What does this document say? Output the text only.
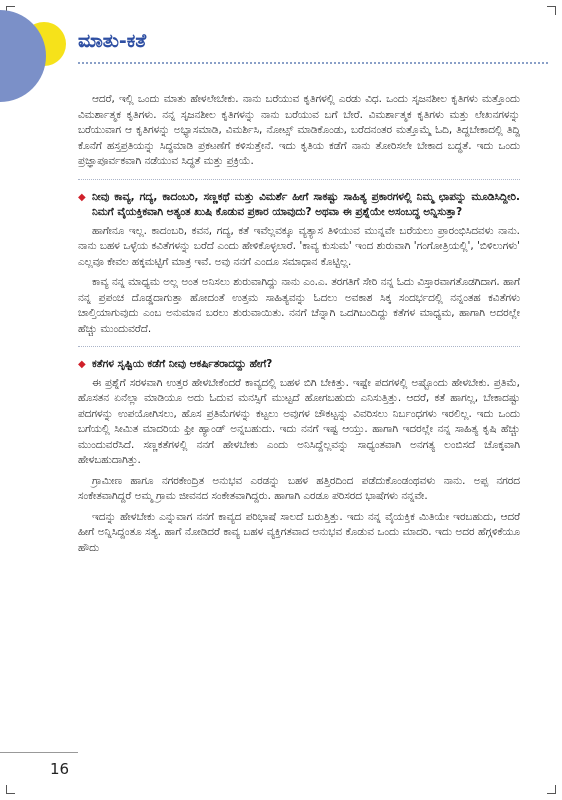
ಮಾತು-ಕತೆ

ಆದರೆ, ಇಲ್ಲಿ ಒಂದು ಮಾತು ಹೇಳಲೇಬೇಕು. ನಾನು ಬರೆಯುವ ಕೃತಿಗಳಲ್ಲಿ ಎರಡು ವಿಧ. ಒಂದು ಸೃಜನಶೀಲ ಕೃತಿಗಳು ಮತ್ತೊಂದು ವಿಮರ್ಶಾತ್ಮಕ ಕೃತಿಗಳು. ನನ್ನ ಸೃಜನಶೀಲ ಕೃತಿಗಳನ್ನು ನಾನು ಬರೆಯುವ ಬಗೆ ಬೇರೆ. ವಿಮರ್ಶಾತ್ಮಕ ಕೃತಿಗಳು ಮತ್ತು ಲೇಖನಗಳನ್ನು ಬರೆಯುವಾಗ ಆ ಕೃತಿಗಳನ್ನು ಅಭ್ಯಾಸಮಾಡಿ, ವಿಮರ್ಶಿಸಿ, ನೋಟ್ಸ್ ಮಾಡಿಕೊಂಡು, ಬರೆದನಂತರ ಮತ್ತೊಮ್ಮೆ ಓದಿ, ತಿದ್ದಬೇಕಾದಲ್ಲಿ ತಿದ್ದಿ ಕೊನೆಗೆ ಹಸ್ತಪ್ರತಿಯನ್ನು ಸಿದ್ಧಮಾಡಿ ಪ್ರಕಟಣೆಗೆ ಕಳಿಸುತ್ತೇನೆ. ಇದು ಕೃತಿಯ ಕಡೆಗೆ ನಾನು ತೋರಿಸಲೇ ಬೇಕಾದ ಬದ್ಧತೆ. ಇದು ಒಂದು ಪ್ರಜ್ಞಾಪೂರ್ವಕವಾಗಿ ನಡೆಯುವ ಸಿದ್ಧತೆ ಮತ್ತು ಪ್ರಕ್ರಿಯೆ.

◆ ನೀವು ಕಾವ್ಯ, ಗದ್ಯ, ಕಾದಂಬರಿ, ಸಣ್ಣಕಥೆ ಮತ್ತು ವಿಮರ್ಶೆ ಹೀಗೆ ಸಾಕಷ್ಟು ಸಾಹಿತ್ಯ ಪ್ರಕಾರಗಳಲ್ಲಿ ನಿಮ್ಮ ಛಾಪನ್ನು ಮೂಡಿಸಿದ್ದೀರಿ. ನಿಮಗೆ ವೈಯಕ್ತಿಕವಾಗಿ ಅತ್ಯಂತ ಖುಷಿ ಕೊಡುವ ಪ್ರಕಾರ ಯಾವುದು? ಅಥವಾ ಈ ಪ್ರಶ್ನೆಯೇ ಅಸಂಬದ್ಧ ಅನ್ನಿಸುತ್ತಾ?

ಹಾಗೇನೂ ಇಲ್ಲ. ಕಾದಂಬರಿ, ಕವನ, ಗದ್ಯ, ಕತೆ ಇವೆಲ್ಲವಕ್ಕೂ ವ್ಯತ್ಯಾಸ ತಿಳಿಯುವ ಮುನ್ನವೇ ಬರೆಯಲು ಪ್ರಾರಂಭಿಸಿದವಳು ನಾನು. ನಾನು ಬಹಳ ಒಳ್ಳೆಯ ಕವಿತೆಗಳನ್ನು ಬರೆದೆ ಎಂದು ಹೇಳಿಕೊಳ್ಳಲಾರೆ. 'ಕಾವ್ಯ ಕುಸುಮ' ಇಂದ ಶುರುವಾಗಿ 'ಗಂಗೋತ್ರಿಯಲ್ಲಿ', 'ಬಿಳಿಲುಗಳು' ಎಲ್ಲವೂ ಕೇವಲ ಹಕ್ಕಮಟ್ಟಿಗೆ ಮಾತ್ರ ಇವೆ. ಅವು ನನಗೆ ಎಂದೂ ಸಮಾಧಾನ ಕೊಟ್ಟಿಲ್ಲ.

ಕಾವ್ಯ ನನ್ನ ಮಾಧ್ಯಮ ಅಲ್ಲ ಅಂತ ಅನಿಸಲು ಶುರುವಾಗಿದ್ದು ನಾನು ಎಂ.ಎ. ತರಗತಿಗೆ ಸೇರಿ ನನ್ನ ಓದು ವಿಸ್ತಾರವಾಗತೊಡಗಿದಾಗ. ಹಾಗೆ ನನ್ನ ಪ್ರಪಂಚ ದೊಡ್ಡದಾಗುತ್ತಾ ಹೋದಂತೆ ಉತ್ತಮ ಸಾಹಿತ್ಯವನ್ನು ಓದಲು ಅವಕಾಶ ಸಿಕ್ಕ ಸಂದರ್ಭದಲ್ಲಿ ನನ್ನಂತಹ ಕವಿತೆಗಳು ಚಾಲ್ತಿಯಾಗುವುದು ಎಂಬ ಅನುಮಾನ ಬರಲು ಶುರುವಾಯಿತು. ನನಗೆ ಚೆನ್ನಾಗಿ ಒದಗಿಬಂದಿದ್ದು ಕತೆಗಳ ಮಾಧ್ಯಮ, ಹಾಗಾಗಿ ಅದರಲ್ಲೇ ಹೆಚ್ಚು ಮುಂದುವರೆದೆ.

◆ ಕತೆಗಳ ಸೃಷ್ಟಿಯ ಕಡೆಗೆ ನೀವು ಆಕರ್ಷಿತರಾದದ್ದು ಹೇಗೆ?

ಈ ಪ್ರಶ್ನೆಗೆ ಸರಳವಾಗಿ ಉತ್ತರ ಹೇಳಬೇಕೆಂದರೆ ಕಾವ್ಯದಲ್ಲಿ ಬಹಳ ಬಿಗಿ ಬೇಕಿತ್ತು. ಇಷ್ಟೇ ಪದಗಳಲ್ಲಿ ಅಷ್ಟೊಂದು ಹೇಳಬೇಕು. ಪ್ರತಿಮೆ, ಹೊಸತನ ಏನೆಲ್ಲಾ ಮಾಡಿಯೂ ಅದು ಓದುವ ಮನಸ್ಸಿಗೆ ಮುಟ್ಟದೆ ಹೋಗಬಹುದು ಎನಿಸುತ್ತಿತ್ತು. ಆದರೆ, ಕತೆ ಹಾಗಲ್ಲ, ಬೇಕಾದಷ್ಟು ಪದಗಳನ್ನು ಉಪಯೋಗಿಸಲು, ಹೊಸ ಪ್ರತಿಮೆಗಳನ್ನು ಕಟ್ಟಲು ಅವುಗಳ ಚೌಕಟ್ಟನ್ನು ವಿವರಿಸಲು ನಿರ್ಬಂಧಗಳು ಇರಲಿಲ್ಲ. ಇದು ಒಂದು ಬಗೆಯಲ್ಲಿ ಸೀಮಿತ ಮಾದರಿಯ ಫ್ರೀ ಹ್ಯಾಂಡ್ ಅನ್ನಬಹುದು. ಇದು ನನಗೆ ಇಷ್ಟ ಆಯ್ತು. ಹಾಗಾಗಿ ಇದರಲ್ಲೇ ನನ್ನ ಸಾಹಿತ್ಯ ಕೃಷಿ ಹೆಚ್ಚು ಮುಂದುವರೆಸಿದೆ. ಸಣ್ಣಕತೆಗಳಲ್ಲಿ ನನಗೆ ಹೇಳಬೇಕು ಎಂದು ಅನಿಸಿದ್ದೆಲ್ಲವನ್ನು ಸಾಧ್ಯಂತವಾಗಿ ಅನಗತ್ಯ ಲಂಬಿಸದೆ ಚೊಕ್ಕವಾಗಿ ಹೇಳಬಹುದಾಗಿತ್ತು.

ಗ್ರಾಮೀಣ ಹಾಗೂ ನಗರಕೇಂದ್ರಿತ ಅನುಭವ ಎರಡನ್ನು ಬಹಳ ಹತ್ತಿರದಿಂದ ಪಡೆದುಕೊಂಡಂಥವಳು ನಾನು. ಅಪ್ಪ ನಗರದ ಸಂಕೇತವಾಗಿದ್ದರೆ ಅಮ್ಮ ಗ್ರಾಮ ಜೀವನದ ಸಂಕೇತವಾಗಿದ್ದರು. ಹಾಗಾಗಿ ಎರಡೂ ಪರಿಸರದ ಭಾಷೆಗಳು ನನ್ನವೇ.

ಇದನ್ನು ಹೇಳಬೇಕು ಎನ್ನುವಾಗ ನನಗೆ ಕಾವ್ಯದ ಪರಿಭಾಷೆ ಸಾಲದೆ ಬರುತ್ತಿತ್ತು. ಇದು ನನ್ನ ವೈಯಕ್ತಿಕ ಮಿತಿಯೇ ಇರಬಹುದು, ಆದರೆ ಹೀಗೆ ಅನ್ನಿಸಿದ್ದಂತೂ ಸತ್ಯ. ಹಾಗೆ ನೋಡಿದರೆ ಕಾವ್ಯ ಬಹಳ ವ್ಯಕ್ತಿಗತವಾದ ಅನುಭವ ಕೊಡುವ ಒಂದು ಮಾದರಿ. ಇದು ಅದರ ಹೆಗ್ಗಳಿಕೆಯೂ ಹೌದು

16
